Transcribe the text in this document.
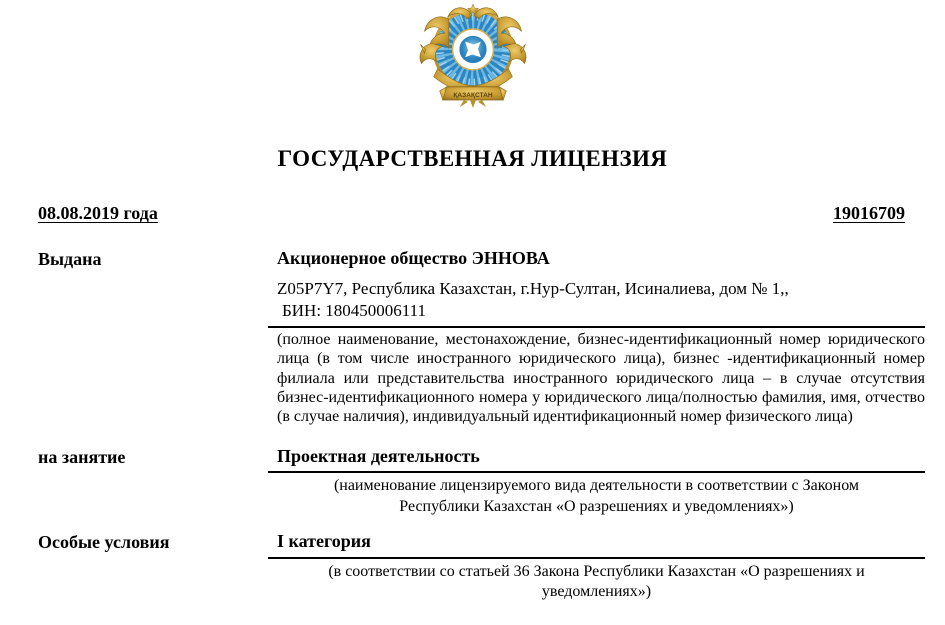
ҚАЗАҚСТАН
ГОСУДАРСТВЕННАЯ ЛИЦЕНЗИЯ
08.08.2019 года	19016709
Выдана	Акционерное общество ЭННОВА
Z05P7Y7, Республика Казахстан, г.Нур-Султан, Исиналиева, дом № 1,,
БИН: 180450006111
(полное наименование, местонахождение, бизнес-идентификационный номер юридического лица (в том числе иностранного юридического лица), бизнес -идентификационный номер филиала или представительства иностранного юридического лица – в случае отсутствия бизнес-идентификационного номера у юридического лица/полностью фамилия, имя, отчество (в случае наличия), индивидуальный идентификационный номер физического лица)
на занятие	Проектная деятельность
(наименование лицензируемого вида деятельности в соответствии с Законом Республики Казахстан «О разрешениях и уведомлениях»)
Особые условия	I категория
(в соответствии со статьей 36 Закона Республики Казахстан «О разрешениях и уведомлениях»)
